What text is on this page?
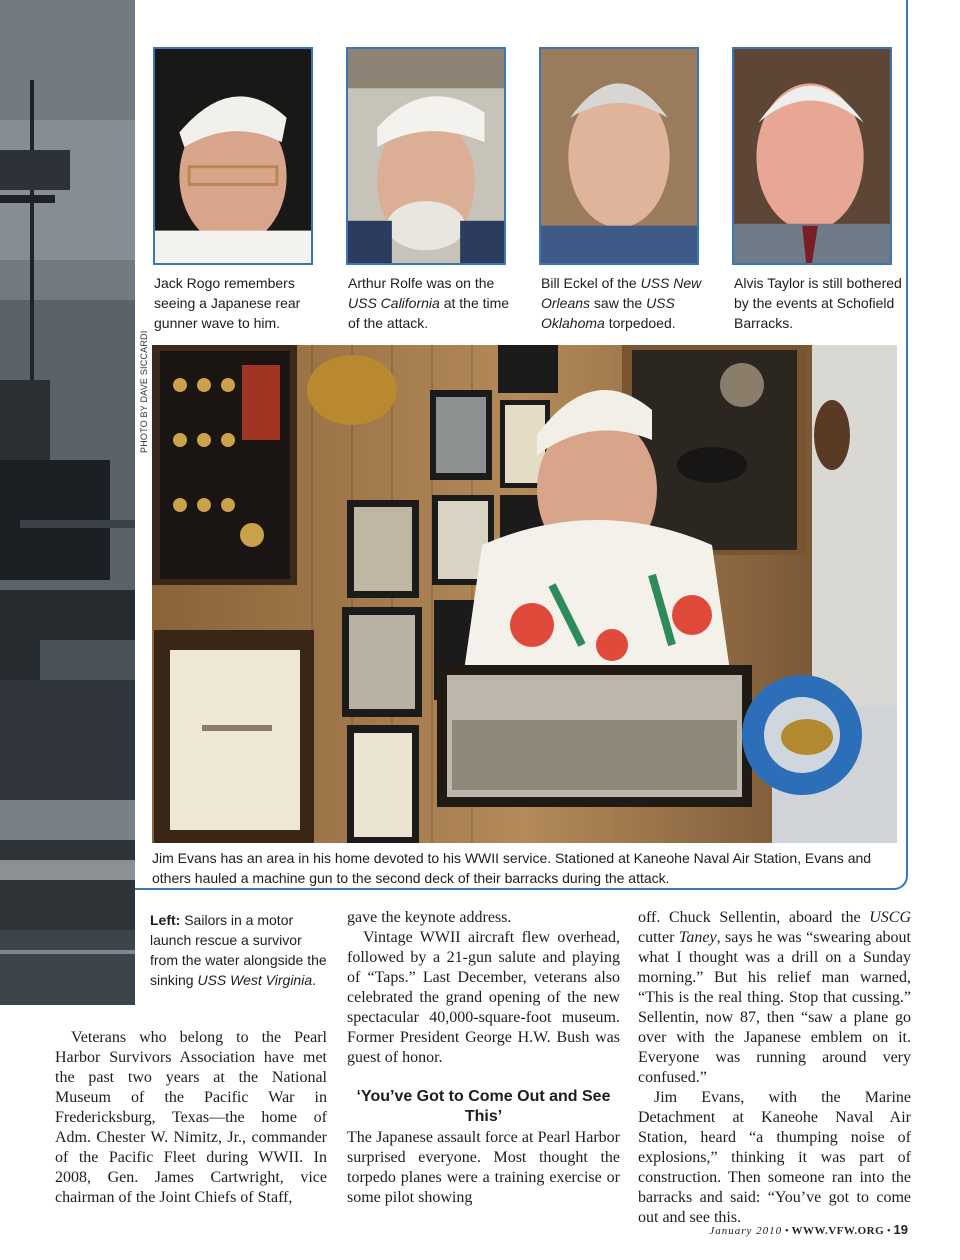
Jack Rogo remembers seeing a Japanese rear gunner wave to him.
Arthur Rolfe was on the USS California at the time of the attack.
Bill Eckel of the USS New Orleans saw the USS Oklahoma torpedoed.
Alvis Taylor is still bothered by the events at Schofield Barracks.
PHOTO BY DAVE SICCARDI
Jim Evans has an area in his home devoted to his WWII service. Stationed at Kaneohe Naval Air Station, Evans and others hauled a machine gun to the second deck of their barracks during the attack.
Left: Sailors in a motor launch rescue a survivor from the water alongside the sinking USS West Virginia.
Veterans who belong to the Pearl Harbor Survivors Association have met the past two years at the National Museum of the Pacific War in Fredericksburg, Texas—the home of Adm. Chester W. Nimitz, Jr., commander of the Pacific Fleet during WWII. In 2008, Gen. James Cartwright, vice chairman of the Joint Chiefs of Staff,

gave the keynote address.

Vintage WWII aircraft flew overhead, followed by a 21-gun salute and playing of “Taps.” Last December, veterans also celebrated the grand opening of the new spectacular 40,000-square-foot museum. Former President George H.W. Bush was guest of honor.

‘You’ve Got to Come Out and See This’
The Japanese assault force at Pearl Harbor surprised everyone. Most thought the torpedo planes were a training exercise or some pilot showing

off. Chuck Sellentin, aboard the USCG cutter Taney, says he was “swearing about what I thought was a drill on a Sunday morning.” But his relief man warned, “This is the real thing. Stop that cussing.” Sellentin, now 87, then “saw a plane go over with the Japanese emblem on it. Everyone was running around very confused.”

Jim Evans, with the Marine Detachment at Kaneohe Naval Air Station, heard “a thumping noise of explosions,” thinking it was part of construction. Then someone ran into the barracks and said: “You’ve got to come out and see this.

January 2010 • WWW.VFW.ORG • 19
